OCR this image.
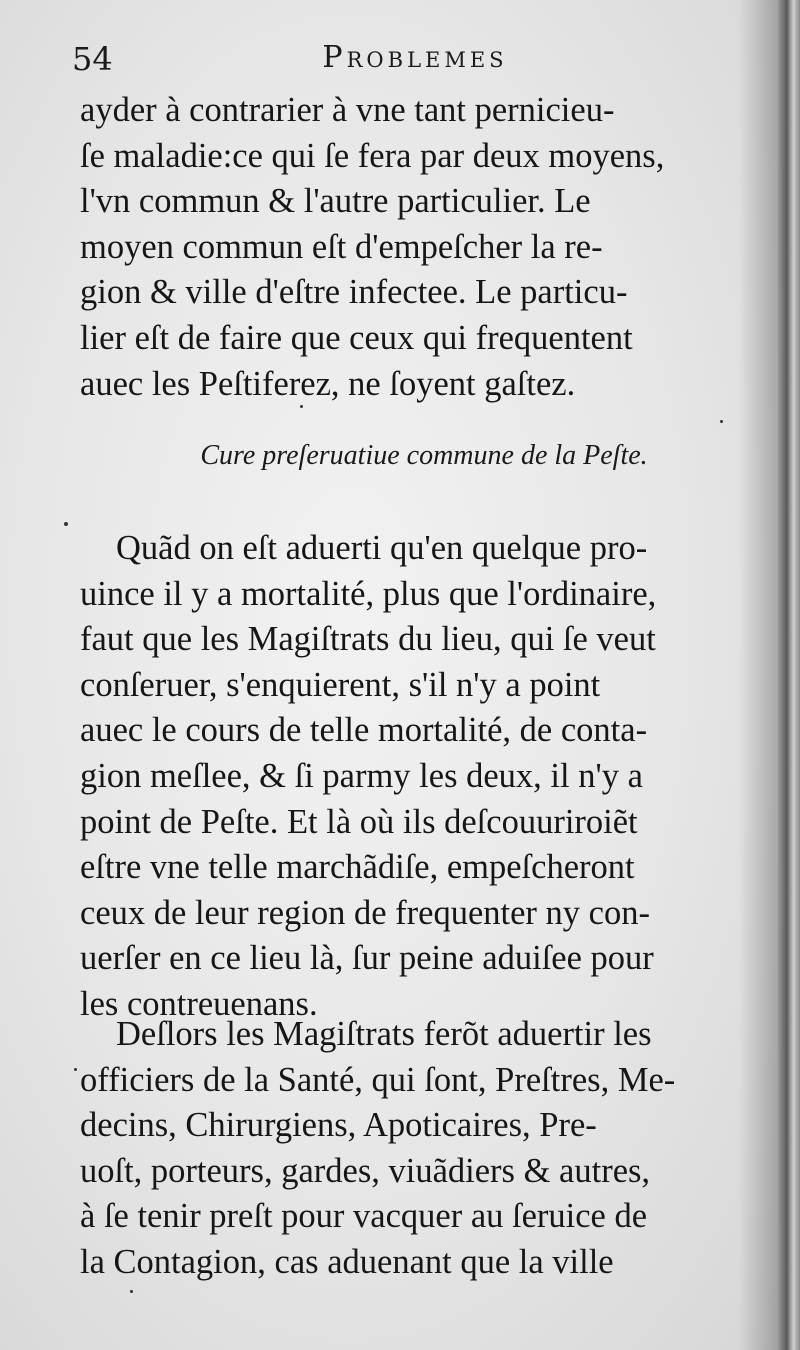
54	Problemes
ayder à contrarier à vne tant pernicieu-
ſe maladie:ce qui ſe fera par deux moyens,
l'vn commun & l'autre particulier. Le
moyen commun eſt d'empeſcher la re-
gion & ville d'eſtre infectee. Le particu-
lier eſt de faire que ceux qui frequentent
auec les Peſtiferez, ne ſoyent gaſtez.
Cure preſeruatiue commune de la Peſte.
Quãd on eſt aduerti qu'en quelque pro-
uince il y a mortalité, plus que l'ordinaire,
faut que les Magiſtrats du lieu, qui ſe veut
conſeruer, s'enquierent, s'il n'y a point
auec le cours de telle mortalité, de conta-
gion meſlee, & ſi parmy les deux, il n'y a
point de Peſte. Et là où ils deſcouuriroiẽt
eſtre vne telle marchãdiſe, empeſcheront
ceux de leur region de frequenter ny con-
uerſer en ce lieu là, ſur peine aduiſee pour
les contreuenans.
Deſlors les Magiſtrats ferõt aduertir les
officiers de la Santé, qui ſont, Preſtres, Me-
decins, Chirurgiens, Apoticaires, Pre-
uoſt, porteurs, gardes, viuãdiers & autres,
à ſe tenir preſt pour vacquer au ſeruice de
la Contagion, cas aduenant que la ville
